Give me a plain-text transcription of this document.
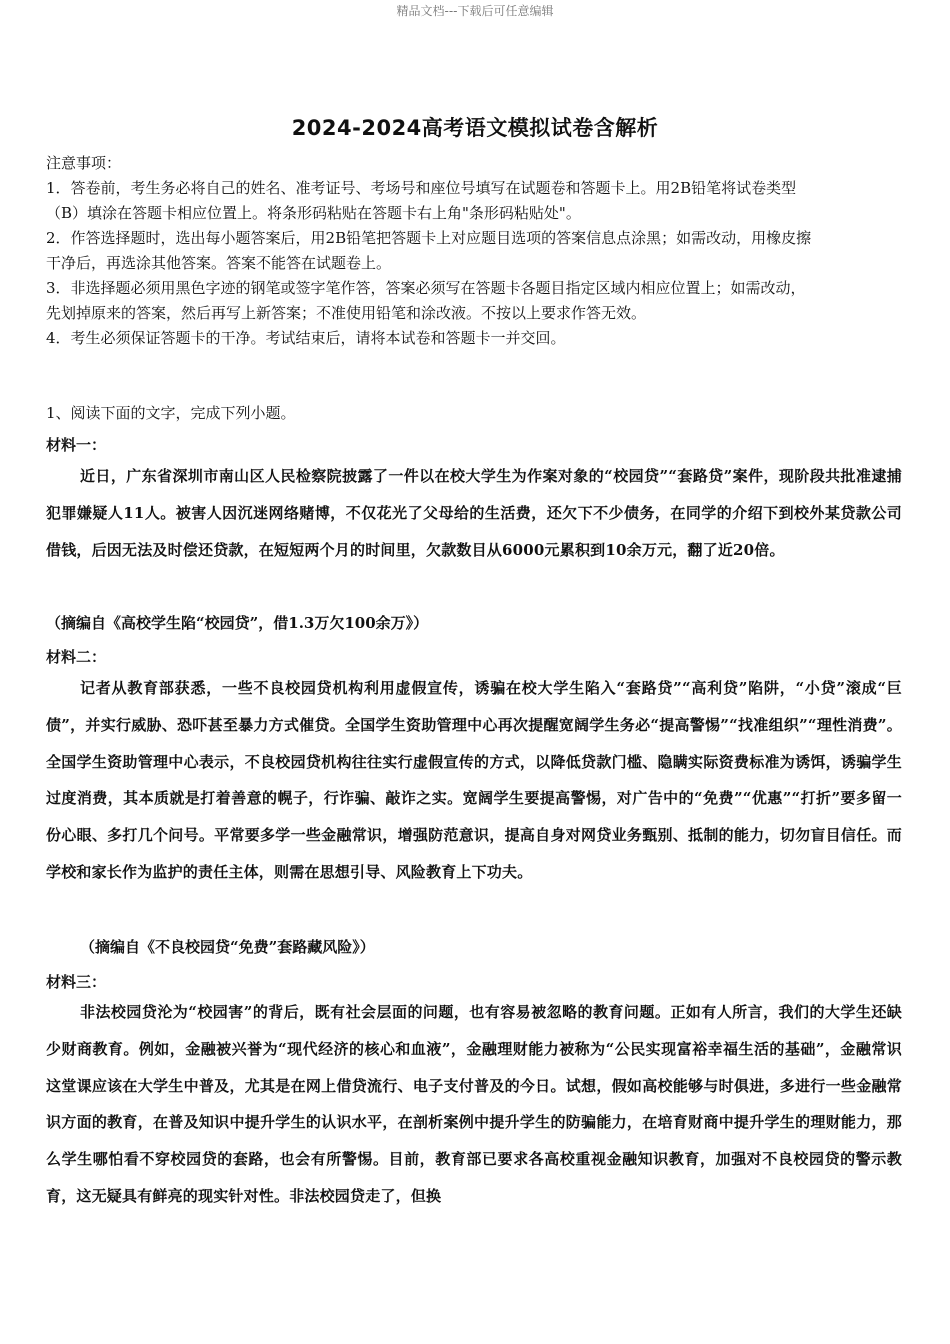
精品文档---下载后可任意编辑
2024-2024高考语文模拟试卷含解析
注意事项：
1．答卷前，考生务必将自己的姓名、准考证号、考场号和座位号填写在试题卷和答题卡上。用2B铅笔将试卷类型
（B）填涂在答题卡相应位置上。将条形码粘贴在答题卡右上角"条形码粘贴处"。
2．作答选择题时，选出每小题答案后，用2B铅笔把答题卡上对应题目选项的答案信息点涂黑；如需改动，用橡皮擦
干净后，再选涂其他答案。答案不能答在试题卷上。
3．非选择题必须用黑色字迹的钢笔或签字笔作答，答案必须写在答题卡各题目指定区域内相应位置上；如需改动，
先划掉原来的答案，然后再写上新答案；不准使用铅笔和涂改液。不按以上要求作答无效。
4．考生必须保证答题卡的干净。考试结束后，请将本试卷和答题卡一并交回。
1、阅读下面的文字，完成下列小题。
材料一：
近日，广东省深圳市南山区人民检察院披露了一件以在校大学生为作案对象的“校园贷”“套路贷”案件，现阶段共批准逮捕犯罪嫌疑人11人。被害人因沉迷网络赌博，不仅花光了父母给的生活费，还欠下不少债务，在同学的介绍下到校外某贷款公司借钱，后因无法及时偿还贷款，在短短两个月的时间里，欠款数目从6000元累积到10余万元，翻了近20倍。
（摘编自《高校学生陷“校园贷”，借1.3万欠100余万》）
材料二：
记者从教育部获悉，一些不良校园贷机构利用虚假宣传，诱骗在校大学生陷入“套路贷”“高利贷”陷阱，“小贷”滚成“巨债”，并实行威胁、恐吓甚至暴力方式催贷。全国学生资助管理中心再次提醒宽阔学生务必“提高警惕”“找准组织”“理性消费”。全国学生资助管理中心表示，不良校园贷机构往往实行虚假宣传的方式，以降低贷款门槛、隐瞒实际资费标准为诱饵，诱骗学生过度消费，其本质就是打着善意的幌子，行诈骗、敲诈之实。宽阔学生要提高警惕，对广告中的“免费”“优惠”“打折”要多留一份心眼、多打几个问号。平常要多学一些金融常识，增强防范意识，提高自身对网贷业务甄别、抵制的能力，切勿盲目信任。而学校和家长作为监护的责任主体，则需在思想引导、风险教育上下功夫。
（摘编自《不良校园贷“免费”套路藏风险》）
材料三：
非法校园贷沦为“校园害”的背后，既有社会层面的问题，也有容易被忽略的教育问题。正如有人所言，我们的大学生还缺少财商教育。例如，金融被兴誉为“现代经济的核心和血液”，金融理财能力被称为“公民实现富裕幸福生活的基础”，金融常识这堂课应该在大学生中普及，尤其是在网上借贷流行、电子支付普及的今日。试想，假如高校能够与时俱进，多进行一些金融常识方面的教育，在普及知识中提升学生的认识水平，在剖析案例中提升学生的防骗能力，在培育财商中提升学生的理财能力，那么学生哪怕看不穿校园贷的套路，也会有所警惕。目前，教育部已要求各高校重视金融知识教育，加强对不良校园贷的警示教育，这无疑具有鲜亮的现实针对性。非法校园贷走了，但换
